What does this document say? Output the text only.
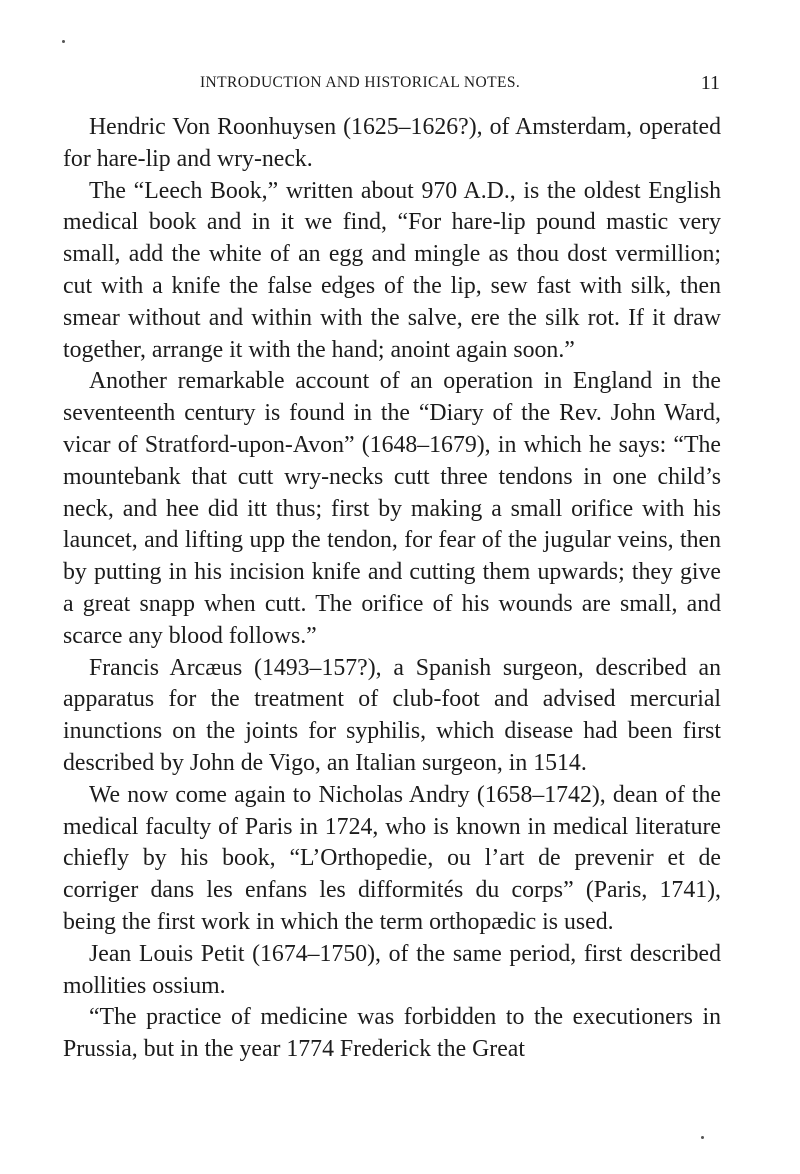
INTRODUCTION AND HISTORICAL NOTES.	11

Hendric Von Roonhuysen (1625–1626?), of Amsterdam, operated for hare-lip and wry-neck.

The “Leech Book,” written about 970 A.D., is the oldest English medical book and in it we find, “For hare-lip pound mastic very small, add the white of an egg and mingle as thou dost vermillion; cut with a knife the false edges of the lip, sew fast with silk, then smear without and within with the salve, ere the silk rot. If it draw together, arrange it with the hand; anoint again soon.”

Another remarkable account of an operation in England in the seventeenth century is found in the “Diary of the Rev. John Ward, vicar of Stratford-upon-Avon” (1648–1679), in which he says: “The mountebank that cutt wry-necks cutt three tendons in one child’s neck, and hee did itt thus; first by making a small orifice with his launcet, and lifting upp the tendon, for fear of the jugular veins, then by putting in his incision knife and cutting them upwards; they give a great snapp when cutt. The orifice of his wounds are small, and scarce any blood follows.”

Francis Arcæus (1493–157?), a Spanish surgeon, described an apparatus for the treatment of club-foot and advised mercurial inunctions on the joints for syphilis, which disease had been first described by John de Vigo, an Italian surgeon, in 1514.

We now come again to Nicholas Andry (1658–1742), dean of the medical faculty of Paris in 1724, who is known in medical literature chiefly by his book, “L’Orthopedie, ou l’art de prevenir et de corriger dans les enfans les difformités du corps” (Paris, 1741), being the first work in which the term orthopædic is used.

Jean Louis Petit (1674–1750), of the same period, first described mollities ossium.

“The practice of medicine was forbidden to the executioners in Prussia, but in the year 1774 Frederick the Great
